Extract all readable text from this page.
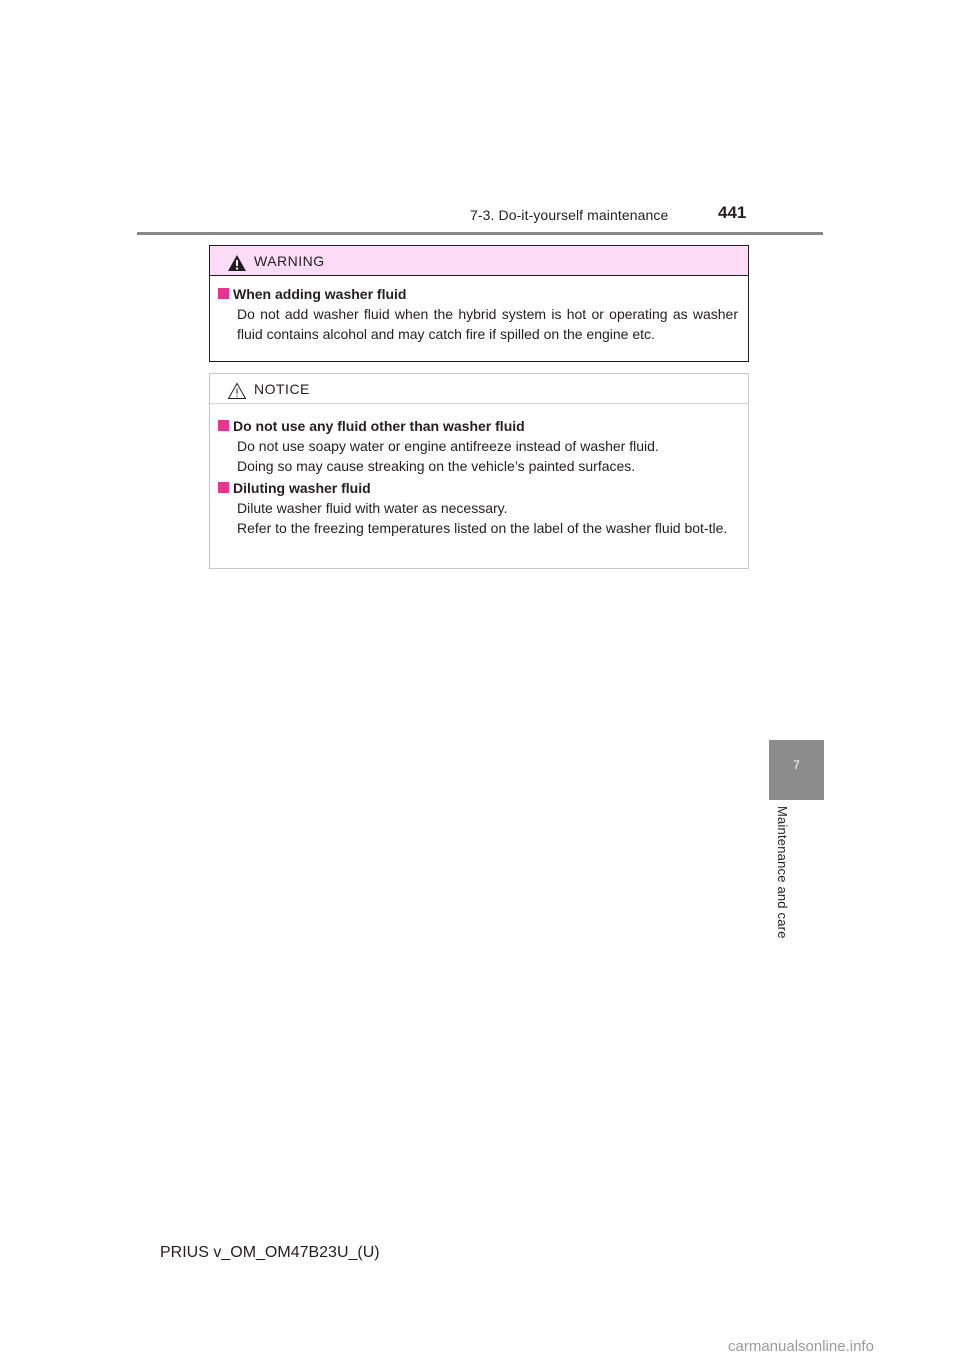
7-3. Do-it-yourself maintenance	441
WARNING
When adding washer fluid
Do not add washer fluid when the hybrid system is hot or operating as washer fluid contains alcohol and may catch fire if spilled on the engine etc.
NOTICE
Do not use any fluid other than washer fluid
Do not use soapy water or engine antifreeze instead of washer fluid.
Doing so may cause streaking on the vehicle’s painted surfaces.
Diluting washer fluid
Dilute washer fluid with water as necessary.
Refer to the freezing temperatures listed on the label of the washer fluid bot-tle.
7
Maintenance and care
PRIUS v_OM_OM47B23U_(U)
carmanualsonline.info
